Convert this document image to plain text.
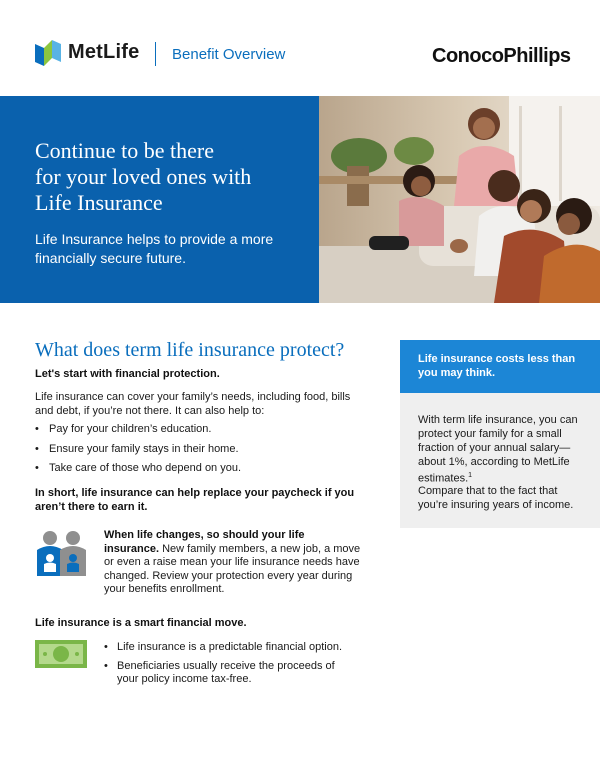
MetLife Benefit Overview	ConocoPhillips
Continue to be there
for your loved ones with
Life Insurance
Life Insurance helps to provide a more financially secure future.
What does term life insurance protect?
Let's start with financial protection.
Life insurance can cover your family’s needs, including food, bills and debt, if you’re not there. It can also help to:
• Pay for your children’s education.
• Ensure your family stays in their home.
• Take care of those who depend on you.
In short, life insurance can help replace your paycheck if you aren’t there to earn it.
When life changes, so should your life insurance. New family members, a new job, a move or even a raise mean your life insurance needs have changed. Review your protection every year during your benefits enrollment.
Life insurance is a smart financial move.
• Life insurance is a predictable financial option.
• Beneficiaries usually receive the proceeds of your policy income tax-free.
Life insurance costs less than you may think.
With term life insurance, you can protect your family for a small fraction of your annual salary—about 1%, according to MetLife estimates.$^1$
Compare that to the fact that you’re insuring years of income.
